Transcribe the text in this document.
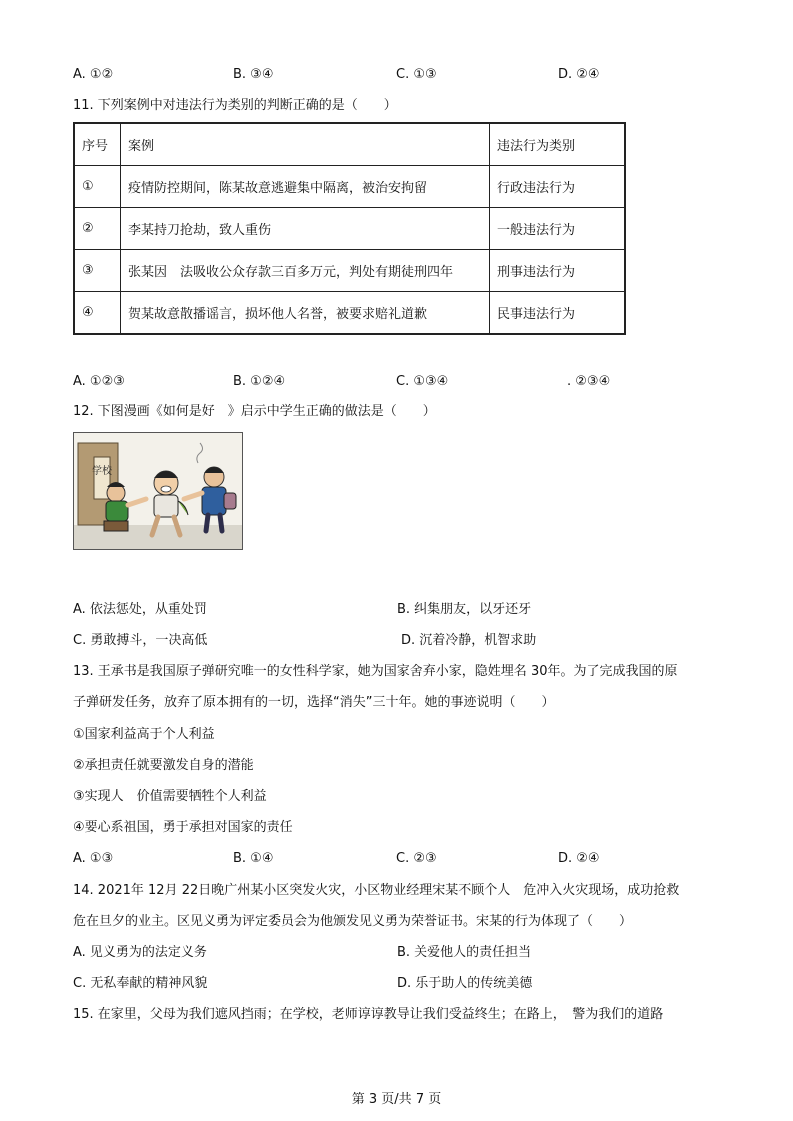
A. ①②	B. ③④	C. ①③	D. ②④
11. 下列案例中对违法行为类别的判断正确的是（　　）
序号	案例	违法行为类别
①	疫情防控期间，陈某故意逃避集中隔离，被治安拘留	行政违法行为
②	李某持刀抢劫，致人重伤	一般违法行为
③	张某因　法吸收公众存款三百多万元，判处有期徒刑四年	刑事违法行为
④	贺某故意散播谣言，损坏他人名誉，被要求赔礼道歉	民事违法行为
A. ①②③	B. ①②④	C. ①③④	. ②③④
12. 下图漫画《如何是好　》启示中学生正确的做法是（　　）
学校
A. 依法惩处，从重处罚	B. 纠集朋友，以牙还牙
C. 勇敢搏斗，一决高低	D. 沉着冷静，机智求助
13. 王承书是我国原子弹研究唯一的女性科学家，她为国家舍弃小家，隐姓埋名 30年。为了完成我国的原
子弹研发任务，放弃了原本拥有的一切，选择“消失”三十年。她的事迹说明（　　）
①国家利益高于个人利益
②承担责任就要激发自身的潜能
③实现人　价值需要牺牲个人利益
④要心系祖国，勇于承担对国家的责任
A. ①③	B. ①④	C. ②③	D. ②④
14. 2021年 12月 22日晚广州某小区突发火灾，小区物业经理宋某不顾个人　危冲入火灾现场，成功抢救
危在旦夕的业主。区见义勇为评定委员会为他颁发见义勇为荣誉证书。宋某的行为体现了（　　）
A. 见义勇为的法定义务	B. 关爱他人的责任担当
C. 无私奉献的精神风貌	D. 乐于助人的传统美德
15. 在家里，父母为我们遮风挡雨；在学校，老师谆谆教导让我们受益终生；在路上，　警为我们的道路
第 3 页/共 7 页
